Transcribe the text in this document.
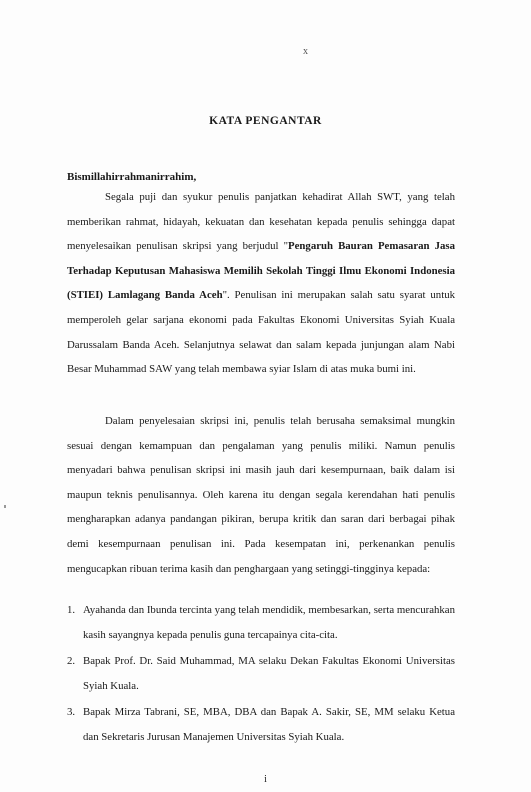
x
KATA PENGANTAR
Bismillahirrahmanirrahim,

Segala puji dan syukur penulis panjatkan kehadirat Allah SWT, yang telah memberikan rahmat, hidayah, kekuatan dan kesehatan kepada penulis sehingga dapat menyelesaikan penulisan skripsi yang berjudul "Pengaruh Bauran Pemasaran Jasa Terhadap Keputusan Mahasiswa Memilih Sekolah Tinggi Ilmu Ekonomi Indonesia (STIEI) Lamlagang Banda Aceh". Penulisan ini merupakan salah satu syarat untuk memperoleh gelar sarjana ekonomi pada Fakultas Ekonomi Universitas Syiah Kuala Darussalam Banda Aceh. Selanjutnya selawat dan salam kepada junjungan alam Nabi Besar Muhammad SAW yang telah membawa syiar Islam di atas muka bumi ini.

Dalam penyelesaian skripsi ini, penulis telah berusaha semaksimal mungkin sesuai dengan kemampuan dan pengalaman yang penulis miliki. Namun penulis menyadari bahwa penulisan skripsi ini masih jauh dari kesempurnaan, baik dalam isi maupun teknis penulisannya. Oleh karena itu dengan segala kerendahan hati penulis mengharapkan adanya pandangan pikiran, berupa kritik dan saran dari berbagai pihak demi kesempurnaan penulisan ini. Pada kesempatan ini, perkenankan penulis mengucapkan ribuan terima kasih dan penghargaan yang setinggi-tingginya kepada:

1. Ayahanda dan Ibunda tercinta yang telah mendidik, membesarkan, serta mencurahkan kasih sayangnya kepada penulis guna tercapainya cita-cita.
2. Bapak Prof. Dr. Said Muhammad, MA selaku Dekan Fakultas Ekonomi Universitas Syiah Kuala.
3. Bapak Mirza Tabrani, SE, MBA, DBA dan Bapak A. Sakir, SE, MM selaku Ketua dan Sekretaris Jurusan Manajemen Universitas Syiah Kuala.
i
